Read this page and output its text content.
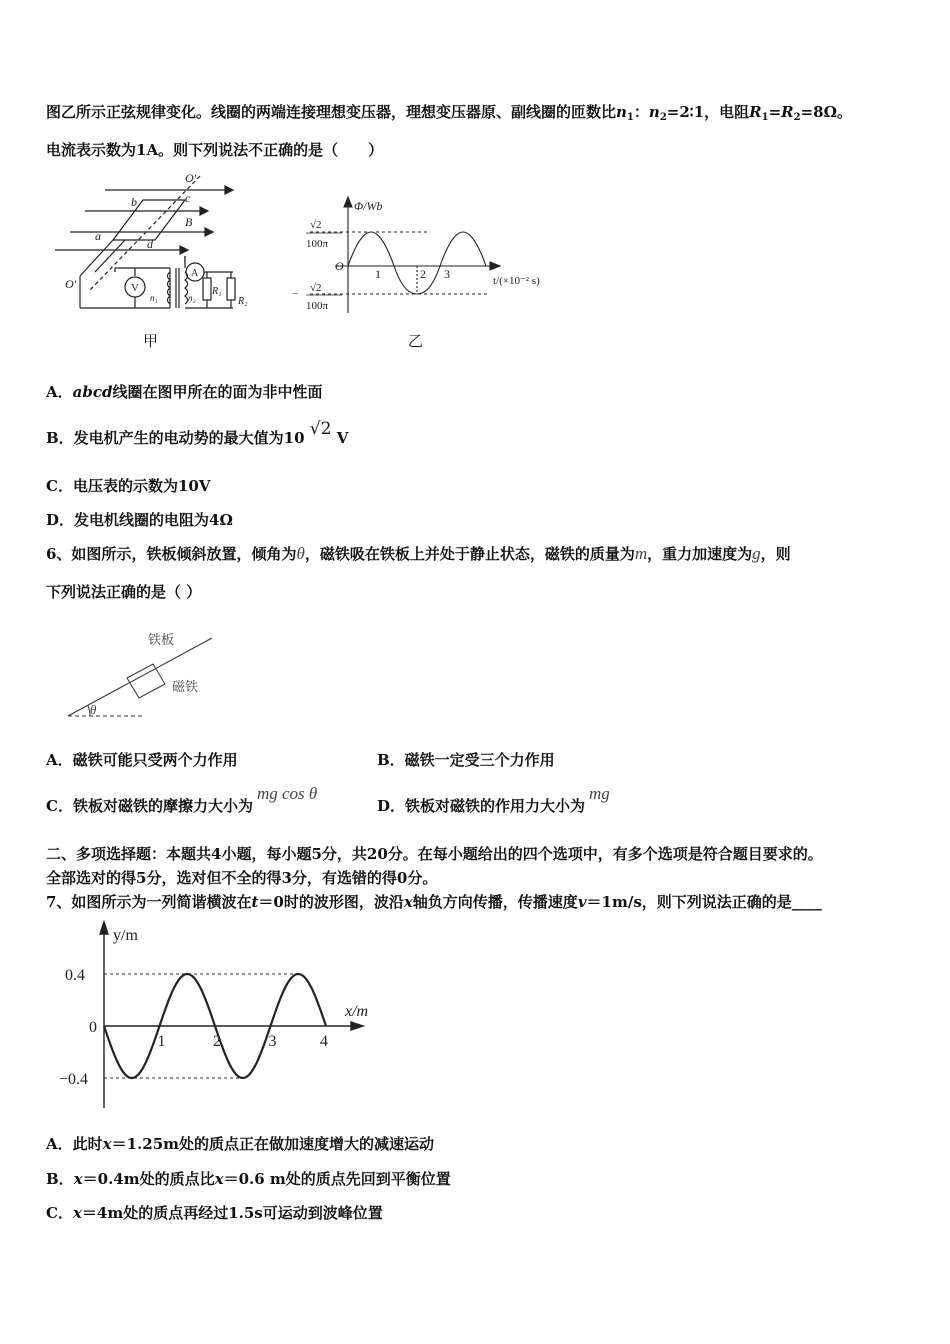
图乙所示正弦规律变化。线圈的两端连接理想变压器，理想变压器原、副线圈的匝数比$n_1$：$n_2=2∶1$，电阻$R_1=R_2=8\Omega$。
电流表示数为1A。则下列说法不正确的是（　　）
O′
O′
a
b	c
d
B
n₁	n₂
R₁
R₂
V
A
甲
Φ/Wb
√2
100π
− √2
100π
O
1	2 3	t/(×10⁻² s)
乙
A．abcd线圈在图甲所在的面为非中性面
B．发电机产生的电动势的最大值为10 √2 V
C．电压表的示数为10V
D．发电机线圈的电阻为4Ω
6、如图所示，铁板倾斜放置，倾角为θ，磁铁吸在铁板上并处于静止状态，磁铁的质量为m，重力加速度为g，则
下列说法正确的是（ ）
铁板
磁铁
θ
A．磁铁可能只受两个力作用	B．磁铁一定受三个力作用
C．铁板对磁铁的摩擦力大小为mg cos θ
D．铁板对磁铁的作用力大小为mg
二、多项选择题：本题共4小题，每小题5分，共20分。在每小题给出的四个选项中，有多个选项是符合题目要求的。
全部选对的得5分，选对但不全的得3分，有选错的得0分。
7、如图所示为一列简谐横波在t＝0时的波形图，波沿x轴负方向传播，传播速度v＝1m/s，则下列说法正确的是____
y/m
x/m
0.4
0
−0.4
1	2	3	4
A．此时x＝1.25m处的质点正在做加速度增大的减速运动
B．x＝0.4m处的质点比x＝0.6 m处的质点先回到平衡位置
C．x＝4m处的质点再经过1.5s可运动到波峰位置
